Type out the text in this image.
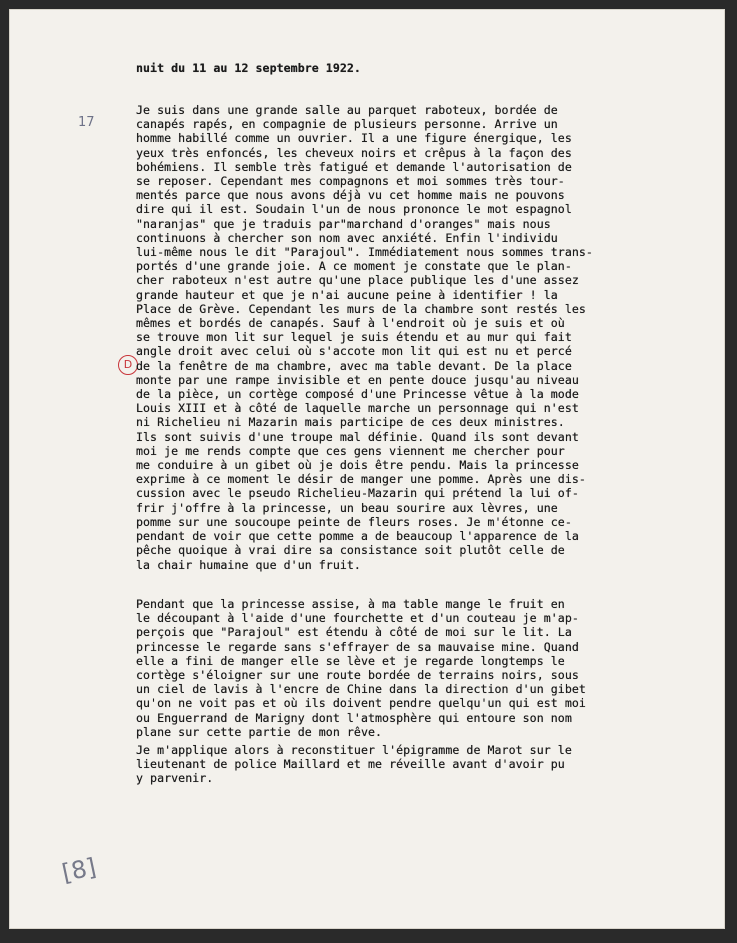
17
D
[8]
nuit du 11 au 12 septembre 1922.
Je suis dans une grande salle au parquet raboteux, bordée de
canapés rapés, en compagnie de plusieurs personne. Arrive un
homme habillé comme un ouvrier. Il a une figure énergique, les
yeux très enfoncés, les cheveux noirs et crêpus à la façon des
bohémiens. Il semble très fatigué et demande l'autorisation de
se reposer. Cependant mes compagnons et moi sommes très tour-
mentés parce que nous avons déjà vu cet homme mais ne pouvons
dire qui il est. Soudain l'un de nous prononce le mot espagnol
"naranjas" que je traduis par"marchand d'oranges" mais nous
continuons à chercher son nom avec anxiété. Enfin l'individu
lui-même nous le dit "Parajoul". Immédiatement nous sommes trans-
portés d'une grande joie. A ce moment je constate que le plan-
cher raboteux n'est autre qu'une place publique les d'une assez
grande hauteur et que je n'ai aucune peine à identifier ! la
Place de Grève. Cependant les murs de la chambre sont restés les
mêmes et bordés de canapés. Sauf à l'endroit où je suis et où
se trouve mon lit sur lequel je suis étendu et au mur qui fait
angle droit avec celui où s'accote mon lit qui est nu et percé
de la fenêtre de ma chambre, avec ma table devant. De la place
monte par une rampe invisible et en pente douce jusqu'au niveau
de la pièce, un cortège composé d'une Princesse vêtue à la mode
Louis XIII et à côté de laquelle marche un personnage qui n'est
ni Richelieu ni Mazarin mais participe de ces deux ministres.
Ils sont suivis d'une troupe mal définie. Quand ils sont devant
moi je me rends compte que ces gens viennent me chercher pour
me conduire à un gibet où je dois être pendu. Mais la princesse
exprime à ce moment le désir de manger une pomme. Après une dis-
cussion avec le pseudo Richelieu-Mazarin qui prétend la lui of-
frir j'offre à la princesse, un beau sourire aux lèvres, une
pomme sur une soucoupe peinte de fleurs roses. Je m'étonne ce-
pendant de voir que cette pomme a de beaucoup l'apparence de la
pêche quoique à vrai dire sa consistance soit plutôt celle de
la chair humaine que d'un fruit.
Pendant que la princesse assise, à ma table mange le fruit en
le découpant à l'aide d'une fourchette et d'un couteau je m'ap-
perçois que "Parajoul" est étendu à côté de moi sur le lit. La
princesse le regarde sans s'effrayer de sa mauvaise mine. Quand
elle a fini de manger elle se lève et je regarde longtemps le
cortège s'éloigner sur une route bordée de terrains noirs, sous
un ciel de lavis à l'encre de Chine dans la direction d'un gibet
qu'on ne voit pas et où ils doivent pendre quelqu'un qui est moi
ou Enguerrand de Marigny dont l'atmosphère qui entoure son nom
plane sur cette partie de mon rêve.
Je m'applique alors à reconstituer l'épigramme de Marot sur le
lieutenant de police Maillard et me réveille avant d'avoir pu
y parvenir.
